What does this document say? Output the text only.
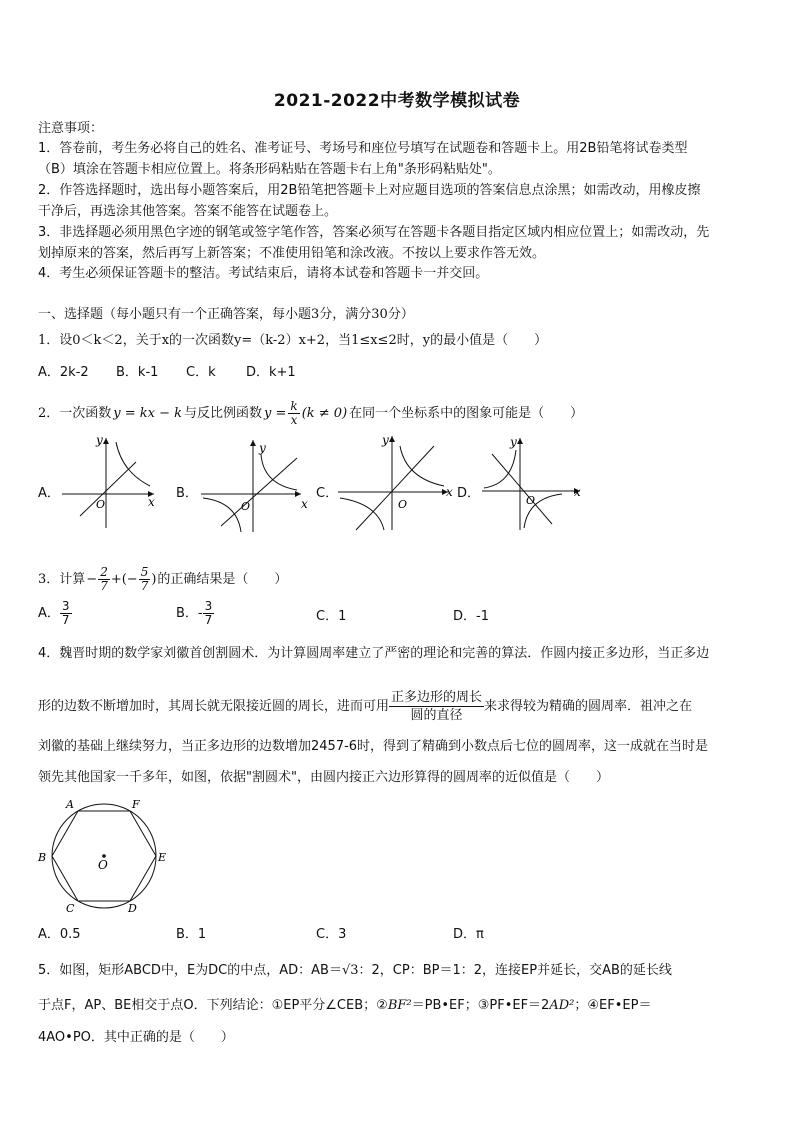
2021-2022中考数学模拟试卷
注意事项：
1．答卷前，考生务必将自己的姓名、准考证号、考场号和座位号填写在试题卷和答题卡上。用2B铅笔将试卷类型
（B）填涂在答题卡相应位置上。将条形码粘贴在答题卡右上角"条形码粘贴处"。
2．作答选择题时，选出每小题答案后，用2B铅笔把答题卡上对应题目选项的答案信息点涂黑；如需改动，用橡皮擦
干净后，再选涂其他答案。答案不能答在试题卷上。
3．非选择题必须用黑色字迹的钢笔或签字笔作答，答案必须写在答题卡各题目指定区域内相应位置上；如需改动，先
划掉原来的答案，然后再写上新答案；不准使用铅笔和涂改液。不按以上要求作答无效。
4．考生必须保证答题卡的整洁。考试结束后，请将本试卷和答题卡一并交回。
一、选择题（每小题只有一个正确答案，每小题3分，满分30分）
1．设0＜k＜2，关于x的一次函数y=（k-2）x+2，当1≤x≤2时，y的最小值是（　　）
A．2k-2 B．k-1 C．k D．k+1
2．一次函数 y = kx − k 与反比例函数 $y = \frac{k}{x} (k \ne 0)$ 在同一个坐标系中的图象可能是（　　）
A．	B．	C．	D．
x
y
O	x
y
O
x
y
O
x
y
O
3．计算 − $\frac{2}{7}$ +(− $\frac{5}{7}$ ) 的正确结果是（　　）
A． $\frac{3}{7}$	B．- $\frac{3}{7}$	C．1	D．-1
4．魏晋时期的数学家刘徽首创割圆术．为计算圆周率建立了严密的理论和完善的算法．作圆内接正多边形，当正多边
形的边数不断增加时，其周长就无限接近圆的周长，进而可用 $\frac{\text{正多边形的周长}}{\text{圆的直径}}$ 来求得较为精确的圆周率．祖冲之在
刘徽的基础上继续努力，当正多边形的边数增加2457-6时，得到了精确到小数点后七位的圆周率，这一成就在当时是
领先其他国家一千多年，如图，依据"割圆术"，由圆内接正六边形算得的圆周率的近似值是（　　）
A	F
B	E
C	D
O
A．0.5	B．1	C．3	D．π
5．如图，矩形ABCD中，E为DC的中点，AD：AB＝ √3 ：2，CP：BP＝1：2，连接EP并延长，交AB的延长线
于点F，AP、BE相交于点O．下列结论：①EP平分∠CEB；② BF² ＝PB•EF；③PF•EF＝2 AD² ；④EF•EP＝
4AO•PO．其中正确的是（　　）
